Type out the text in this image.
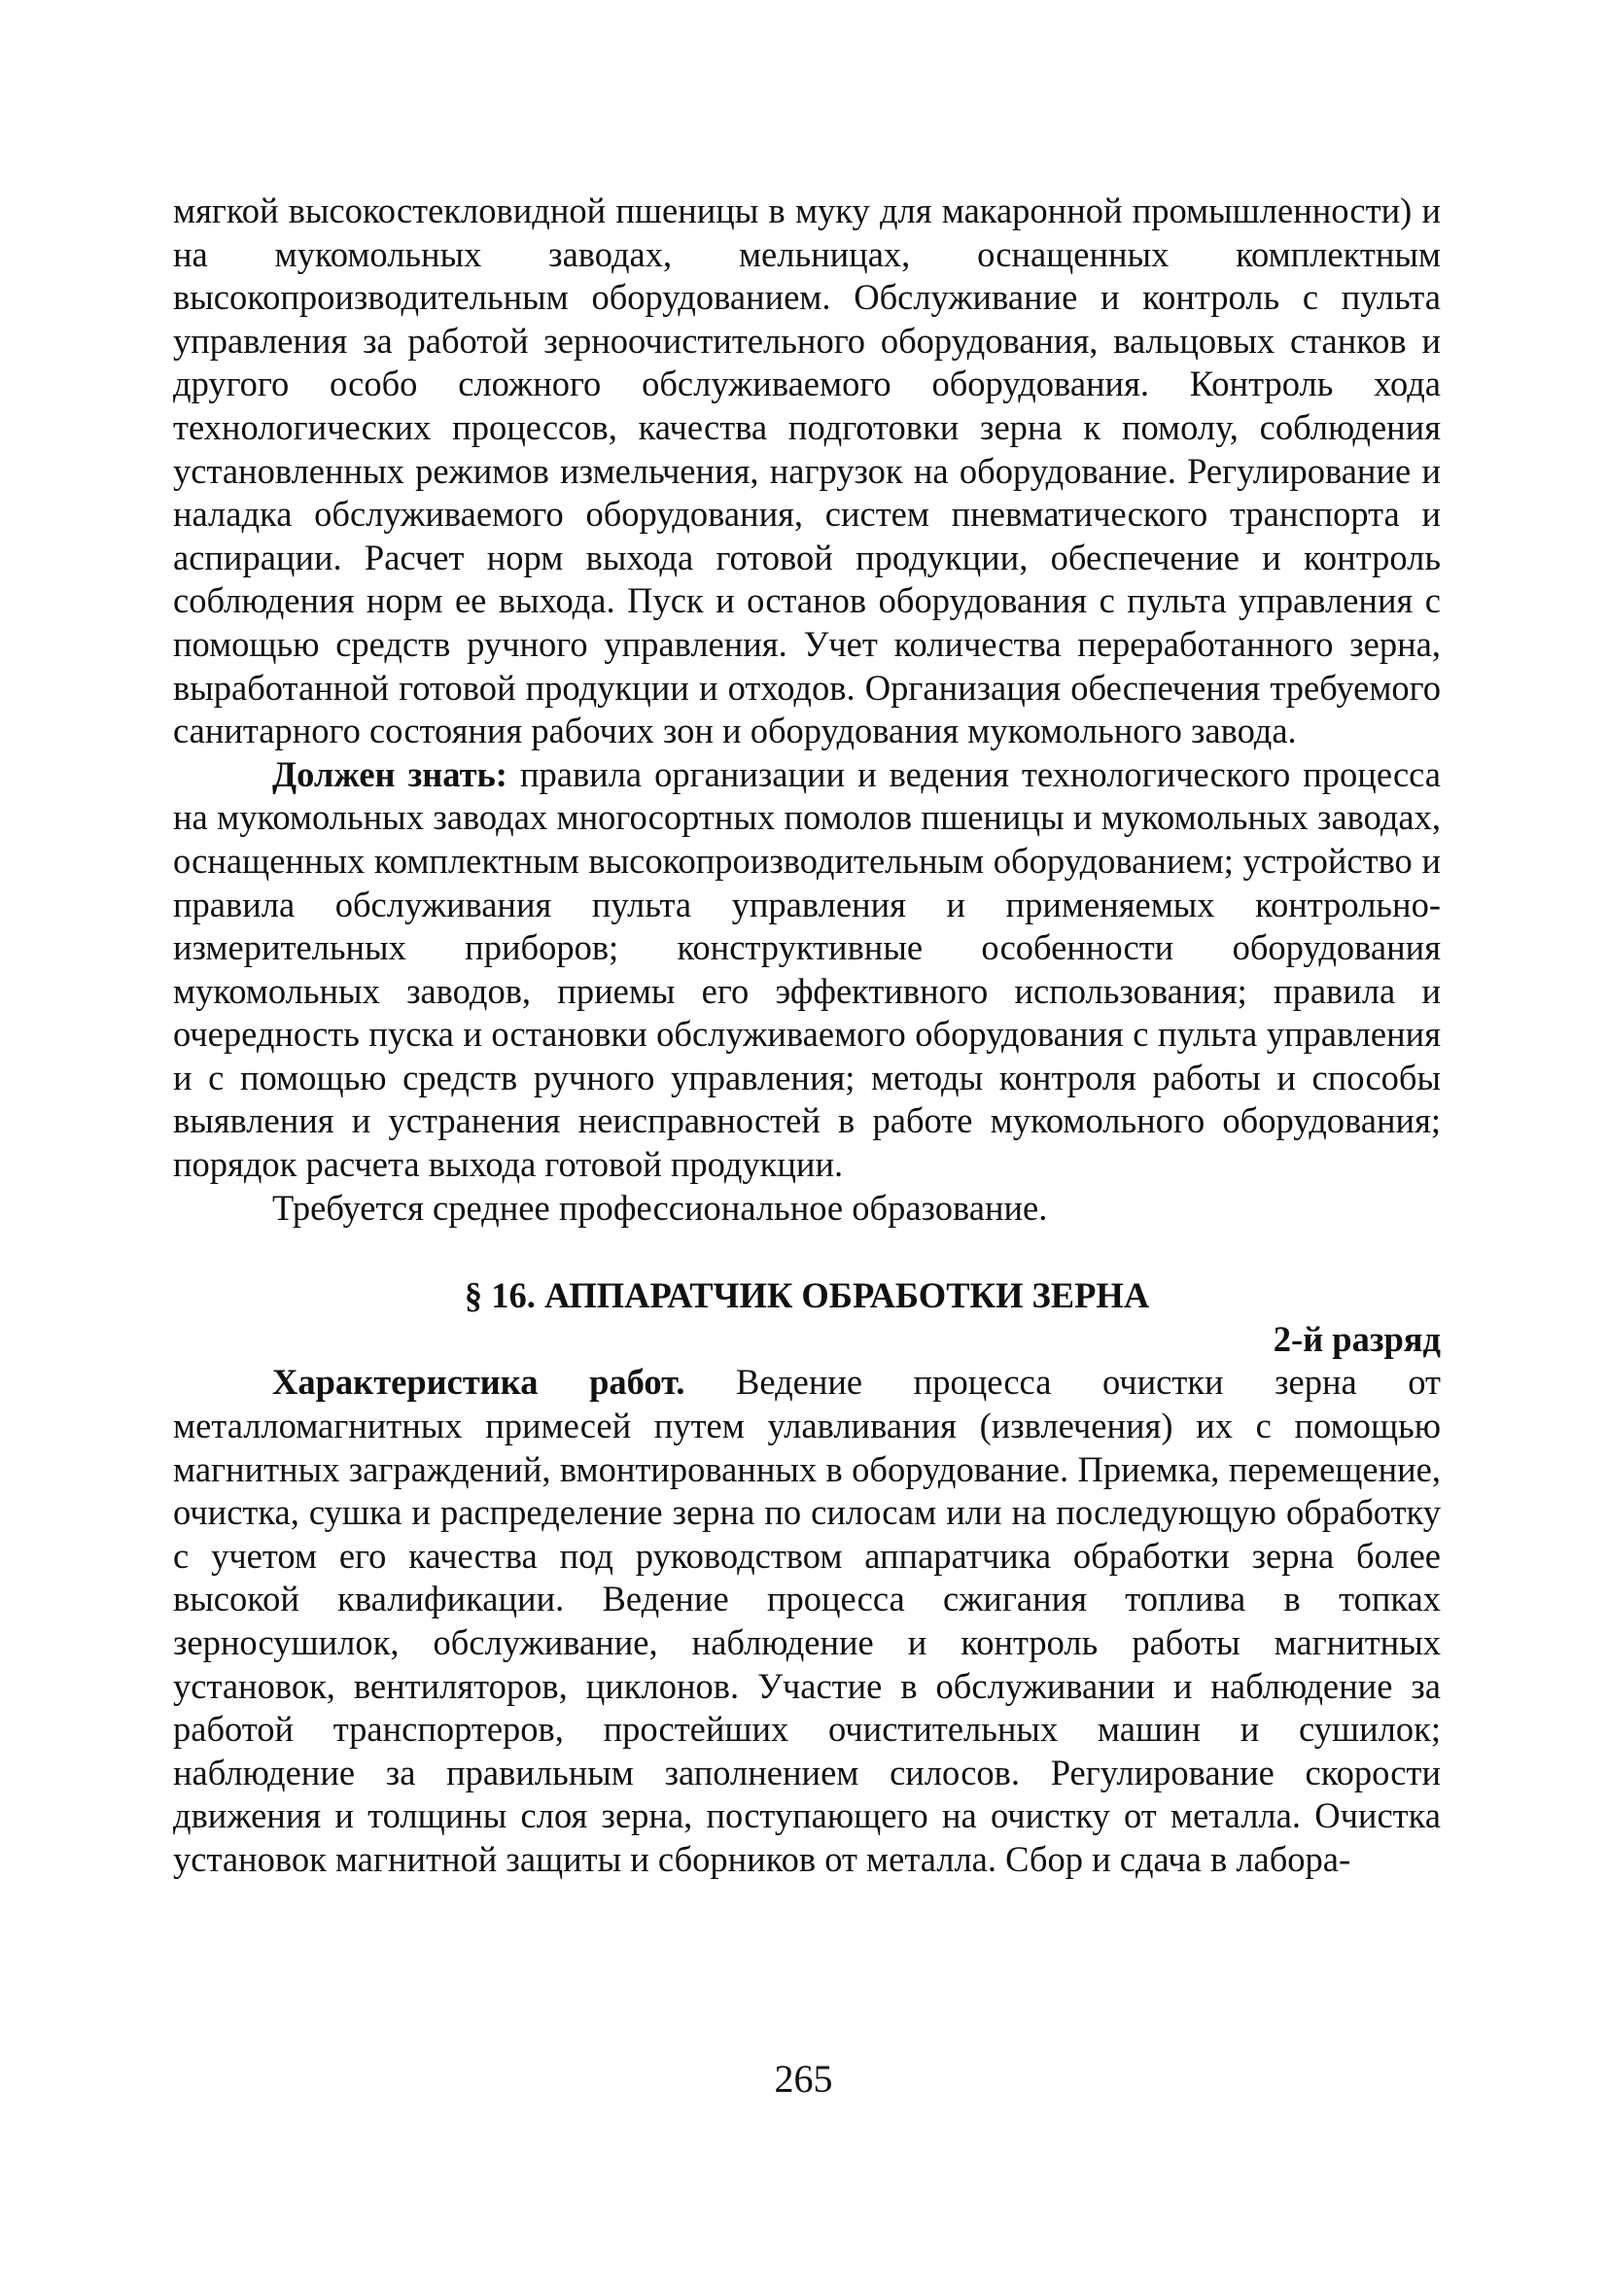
мягкой высокостекловидной пшеницы в муку для макаронной промышленности) и на мукомольных заводах, мельницах, оснащенных комплектным высокопроизводительным оборудованием. Обслуживание и контроль с пульта управления за работой зерноочистительного оборудования, вальцовых станков и другого особо сложного обслуживаемого оборудования. Контроль хода технологических процессов, качества подготовки зерна к помолу, соблюдения установленных режимов измельчения, нагрузок на оборудование. Регулирование и наладка обслуживаемого оборудования, систем пневматического транспорта и аспирации. Расчет норм выхода готовой продукции, обеспечение и контроль соблюдения норм ее выхода. Пуск и останов оборудования с пульта управления с помощью средств ручного управления. Учет количества переработанного зерна, выработанной готовой продукции и отходов. Организация обеспечения требуемого санитарного состояния рабочих зон и оборудования мукомольного завода.

Должен знать: правила организации и ведения технологического процесса на мукомольных заводах многосортных помолов пшеницы и мукомольных заводах, оснащенных комплектным высокопроизводительным оборудованием; устройство и правила обслуживания пульта управления и применяемых контрольно-измерительных приборов; конструктивные особенности оборудования мукомольных заводов, приемы его эффективного использования; правила и очередность пуска и остановки обслуживаемого оборудования с пульта управления и с помощью средств ручного управления; методы контроля работы и способы выявления и устранения неисправностей в работе мукомольного оборудования; порядок расчета выхода готовой продукции.

Требуется среднее профессиональное образование.

§ 16. АППАРАТЧИК ОБРАБОТКИ ЗЕРНА

2-й разряд

Характеристика работ. Ведение процесса очистки зерна от металломагнитных примесей путем улавливания (извлечения) их с помощью магнитных заграждений, вмонтированных в оборудование. Приемка, перемещение, очистка, сушка и распределение зерна по силосам или на последующую обработку с учетом его качества под руководством аппаратчика обработки зерна более высокой квалификации. Ведение процесса сжигания топлива в топках зерносушилок, обслуживание, наблюдение и контроль работы магнитных установок, вентиляторов, циклонов. Участие в обслуживании и наблюдение за работой транспортеров, простейших очистительных машин и сушилок; наблюдение за правильным заполнением силосов. Регулирование скорости движения и толщины слоя зерна, поступающего на очистку от металла. Очистка установок магнитной защиты и сборников от металла. Сбор и сдача в лабора-

265
